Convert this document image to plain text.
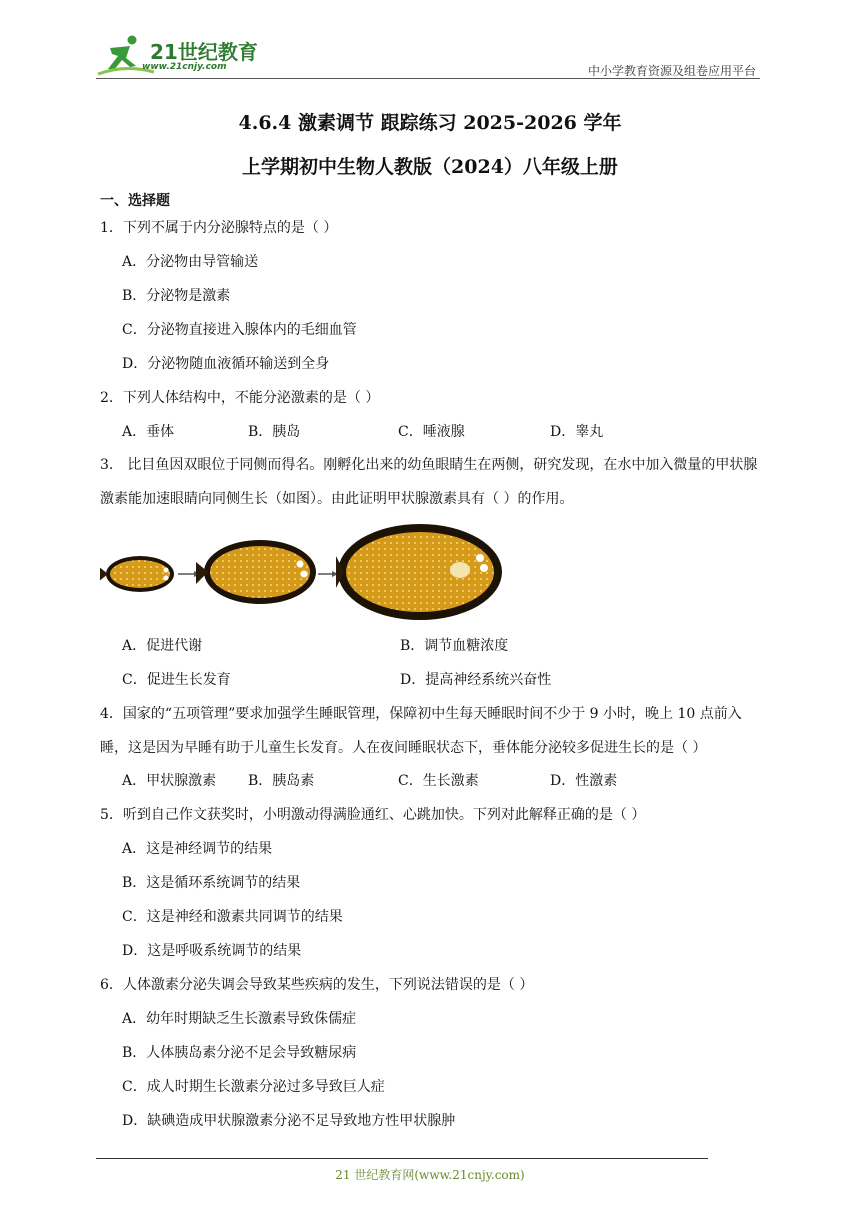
21世纪教育
www.21cnjy.com	中小学教育资源及组卷应用平台
4.6.4 激素调节 跟踪练习 2025-2026 学年
上学期初中生物人教版（2024）八年级上册
一、选择题
1．下列不属于内分泌腺特点的是（ ）
A．分泌物由导管输送
B．分泌物是激素
C．分泌物直接进入腺体内的毛细血管
D．分泌物随血液循环输送到全身
2．下列人体结构中，不能分泌激素的是（ ）
A．垂体	B．胰岛	C．唾液腺	D．睾丸
3． 比目鱼因双眼位于同侧而得名。刚孵化出来的幼鱼眼睛生在两侧，研究发现，在水中加入微量的甲状腺激素能加速眼睛向同侧生长（如图）。由此证明甲状腺激素具有（ ）的作用。
A．促进代谢	B．调节血糖浓度
C．促进生长发育	D．提高神经系统兴奋性
4．国家的“五项管理”要求加强学生睡眠管理，保障初中生每天睡眠时间不少于 9 小时，晚上 10 点前入睡，这是因为早睡有助于儿童生长发育。人在夜间睡眠状态下，垂体能分泌较多促进生长的是（ ）
A．甲状腺激素 B．胰岛素	C．生长激素	D．性激素
5．听到自己作文获奖时，小明激动得满脸通红、心跳加快。下列对此解释正确的是（ ）
A．这是神经调节的结果
B．这是循环系统调节的结果
C．这是神经和激素共同调节的结果
D．这是呼吸系统调节的结果
6．人体激素分泌失调会导致某些疾病的发生，下列说法错误的是（ ）
A．幼年时期缺乏生长激素导致侏儒症
B．人体胰岛素分泌不足会导致糖尿病
C．成人时期生长激素分泌过多导致巨人症
D．缺碘造成甲状腺激素分泌不足导致地方性甲状腺肿
21 世纪教育网(www.21cnjy.com)
